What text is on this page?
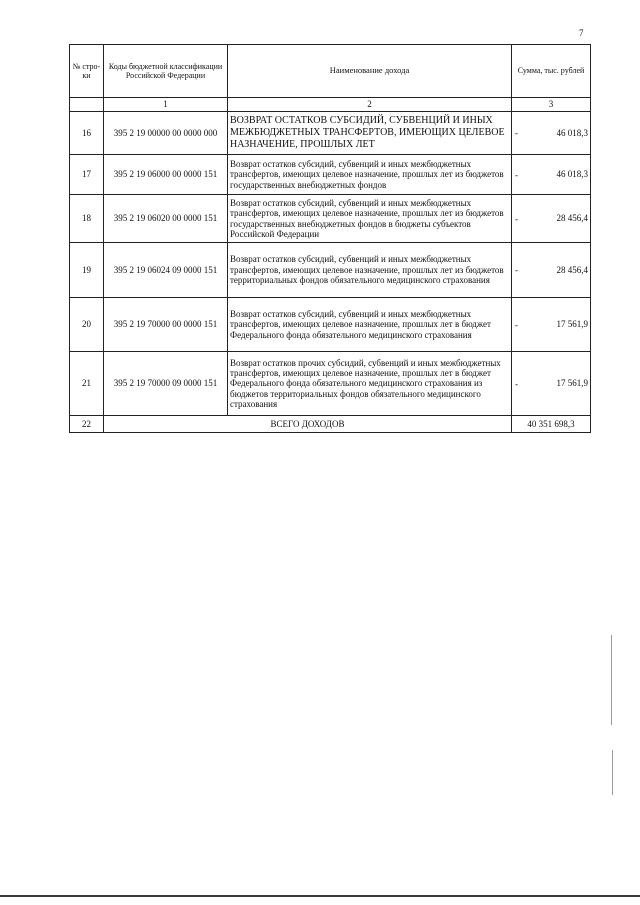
7
№ стро-ки	Коды бюджетной классификации Российской Федерации	Наименование дохода	Сумма, тыс. рублей
	1	2	3
16	395 2 19 00000 00 0000 000	ВОЗВРАТ ОСТАТКОВ СУБСИДИЙ, СУБВЕНЦИЙ И ИНЫХ МЕЖБЮДЖЕТНЫХ ТРАНСФЕРТОВ, ИМЕЮЩИХ ЦЕЛЕВОЕ НАЗНАЧЕНИЕ, ПРОШЛЫХ ЛЕТ	- 46 018,3
17	395 2 19 06000 00 0000 151	Возврат остатков субсидий, субвенций и иных межбюджетных трансфертов, имеющих целевое назначение, прошлых лет из бюджетов государственных внебюджетных фондов	- 46 018,3
18	395 2 19 06020 00 0000 151	Возврат остатков субсидий, субвенций и иных межбюджетных трансфертов, имеющих целевое назначение, прошлых лет из бюджетов государственных внебюджетных фондов в бюджеты субъектов Российской Федерации	- 28 456,4
19	395 2 19 06024 09 0000 151	Возврат остатков субсидий, субвенций и иных межбюджетных трансфертов, имеющих целевое назначение, прошлых лет из бюджетов территориальных фондов обязательного медицинского страхования	- 28 456,4
20	395 2 19 70000 00 0000 151	Возврат остатков субсидий, субвенций и иных межбюджетных трансфертов, имеющих целевое назначение, прошлых лет в бюджет Федерального фонда обязательного медицинского страхования	- 17 561,9
21	395 2 19 70000 09 0000 151	Возврат остатков прочих субсидий, субвенций и иных межбюджетных трансфертов, имеющих целевое назначение, прошлых лет в бюджет Федерального фонда обязательного медицинского страхования из бюджетов территориальных фондов обязательного медицинского страхования	- 17 561,9
22	ВСЕГО ДОХОДОВ		40 351 698,3
